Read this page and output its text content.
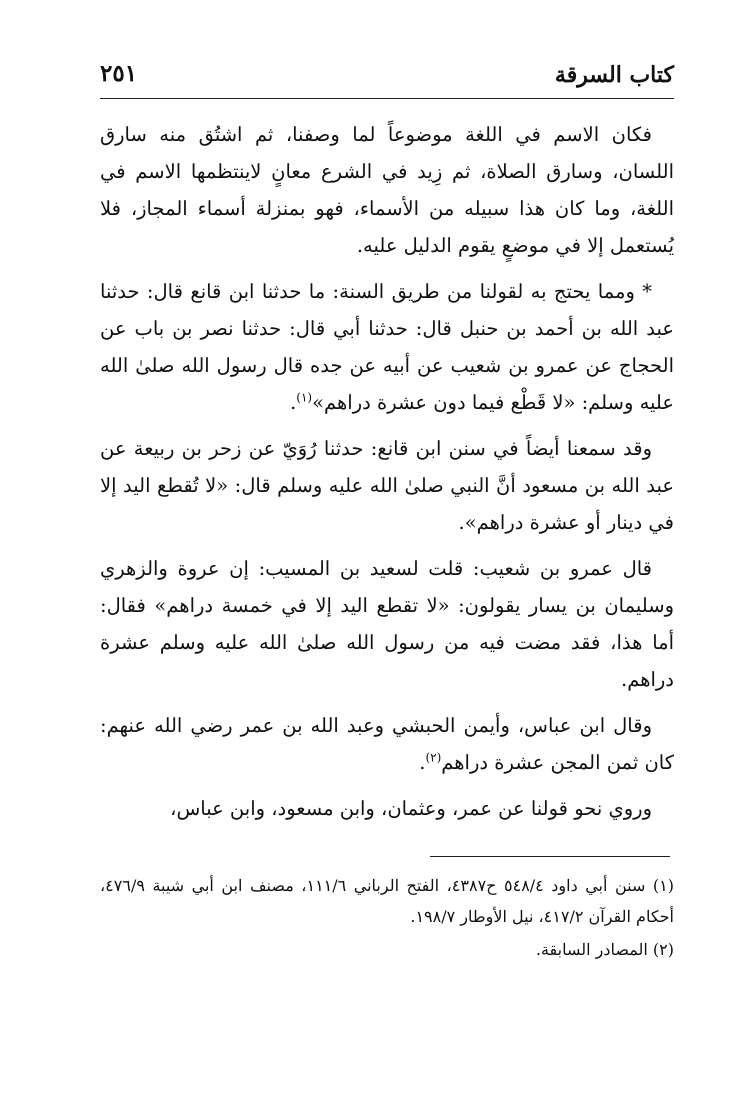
كتاب السرقة
٢٥١

فكان الاسم في اللغة موضوعاً لما وصفنا، ثم اشتُق منه سارق اللسان، وسارق الصلاة، ثم زِيد في الشرع معانٍ لاينتظمها الاسم في اللغة، وما كان هذا سبيله من الأسماء، فهو بمنزلة أسماء المجاز، فلا يُستعمل إلا في موضعٍ يقوم الدليل عليه.

* ومما يحتج به لقولنا من طريق السنة: ما حدثنا ابن قانع قال: حدثنا عبد الله بن أحمد بن حنبل قال: حدثنا أبي قال: حدثنا نصر بن باب عن الحجاج عن عمرو بن شعيب عن أبيه عن جده قال رسول الله صلىٰ الله عليه وسلم: «لا قَطْع فيما دون عشرة دراهم»$^{(١)}$.

وقد سمعنا أيضاً في سنن ابن قانع: حدثنا رُوَيّ عن زحر بن ربيعة عن عبد الله بن مسعود أنَّ النبي صلىٰ الله عليه وسلم قال: «لا تُقطع اليد إلا في دينار أو عشرة دراهم».

قال عمرو بن شعيب: قلت لسعيد بن المسيب: إن عروة والزهري وسليمان بن يسار يقولون: «لا تقطع اليد إلا في خمسة دراهم» فقال: أما هذا، فقد مضت فيه من رسول الله صلىٰ الله عليه وسلم عشرة دراهم.

وقال ابن عباس، وأيمن الحبشي وعبد الله بن عمر رضي الله عنهم: كان ثمن المجن عشرة دراهم$^{(٢)}$.

وروي نحو قولنا عن عمر، وعثمان، وابن مسعود، وابن عباس،

(١) سنن أبي داود ٥٤٨/٤ ح٤٣٨٧، الفتح الرباني ١١١/٦، مصنف ابن أبي شيبة ٤٧٦/٩، أحكام القرآن ٤١٧/٢، نيل الأوطار ١٩٨/٧.

(٢) المصادر السابقة.
